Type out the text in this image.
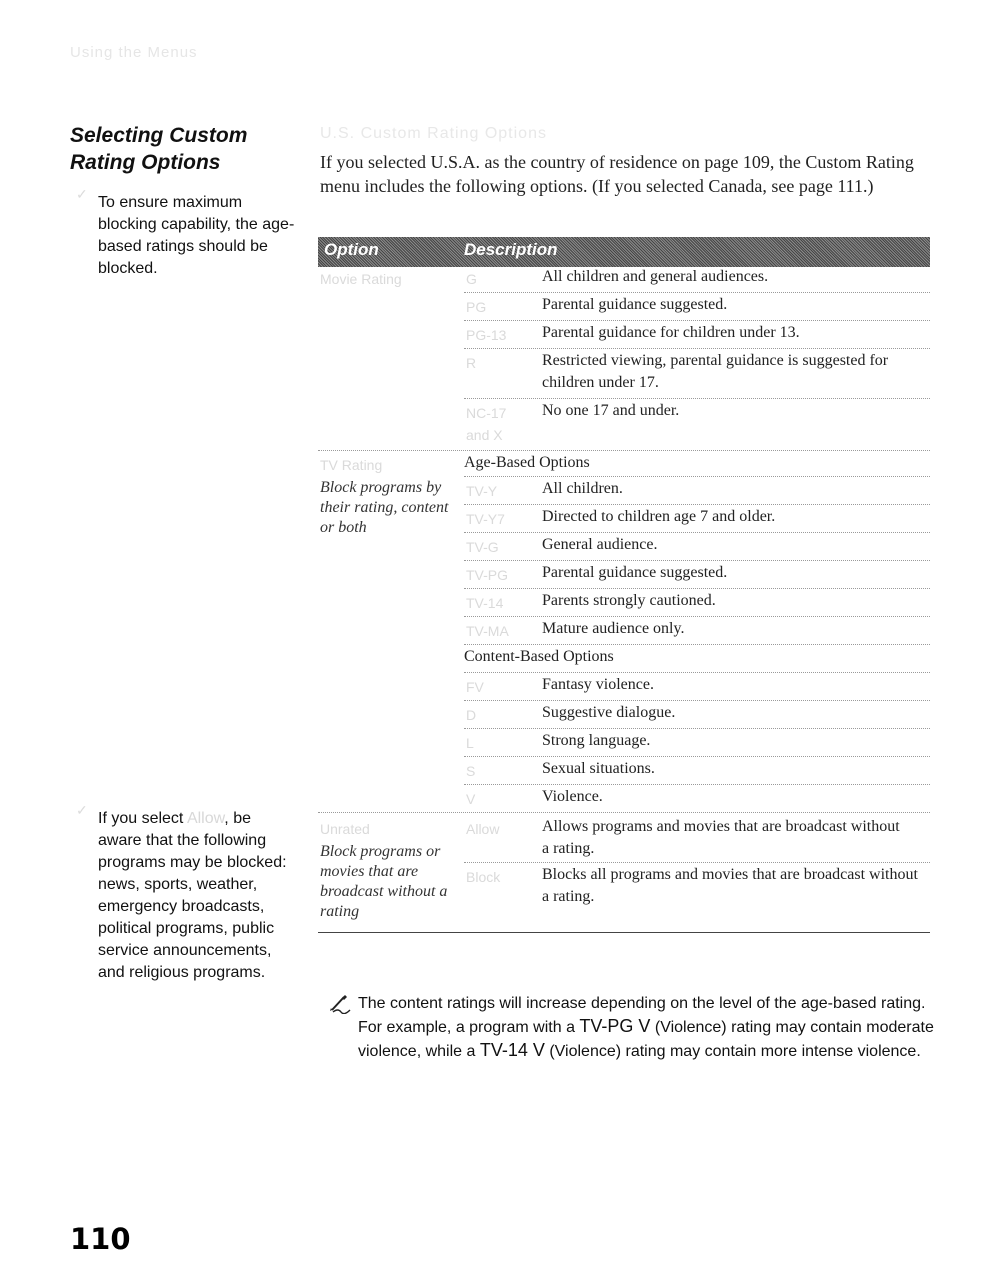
Using the Menus
Selecting Custom Rating Options
✓ To ensure maximum blocking capability, the age-based ratings should be blocked.
✓ If you select Allow, be aware that the following programs may be blocked: news, sports, weather, emergency broadcasts, political programs, public service announcements, and religious programs.
U.S. Custom Rating Options
If you selected U.S.A. as the country of residence on page 109, the Custom Rating menu includes the following options. (If you selected Canada, see page 111.)
Option	Description
Movie Rating	G	All children and general audiences.
PG	Parental guidance suggested.
PG-13 Parental guidance for children under 13.
R	Restricted viewing, parental guidance is suggested for children under 17.
NC-17 No one 17 and under.
and X
TV Rating
Block programs by their rating, content or both
Age-Based Options
TV-Y	All children.
TV-Y7 Directed to children age 7 and older.
TV-G	General audience.
TV-PG Parental guidance suggested.
TV-14 Parents strongly cautioned.
TV-MA Mature audience only.
Content-Based Options
FV	Fantasy violence.
D	Suggestive dialogue.
L	Strong language.
S	Sexual situations.
V	Violence.
Unrated
Block programs or movies that are broadcast without a rating
Allow	Allows programs and movies that are broadcast without a rating.
Block	Blocks all programs and movies that are broadcast without a rating.
The content ratings will increase depending on the level of the age-based rating. For example, a program with a TV-PG V (Violence) rating may contain moderate violence, while a TV-14 V (Violence) rating may contain more intense violence.
110
